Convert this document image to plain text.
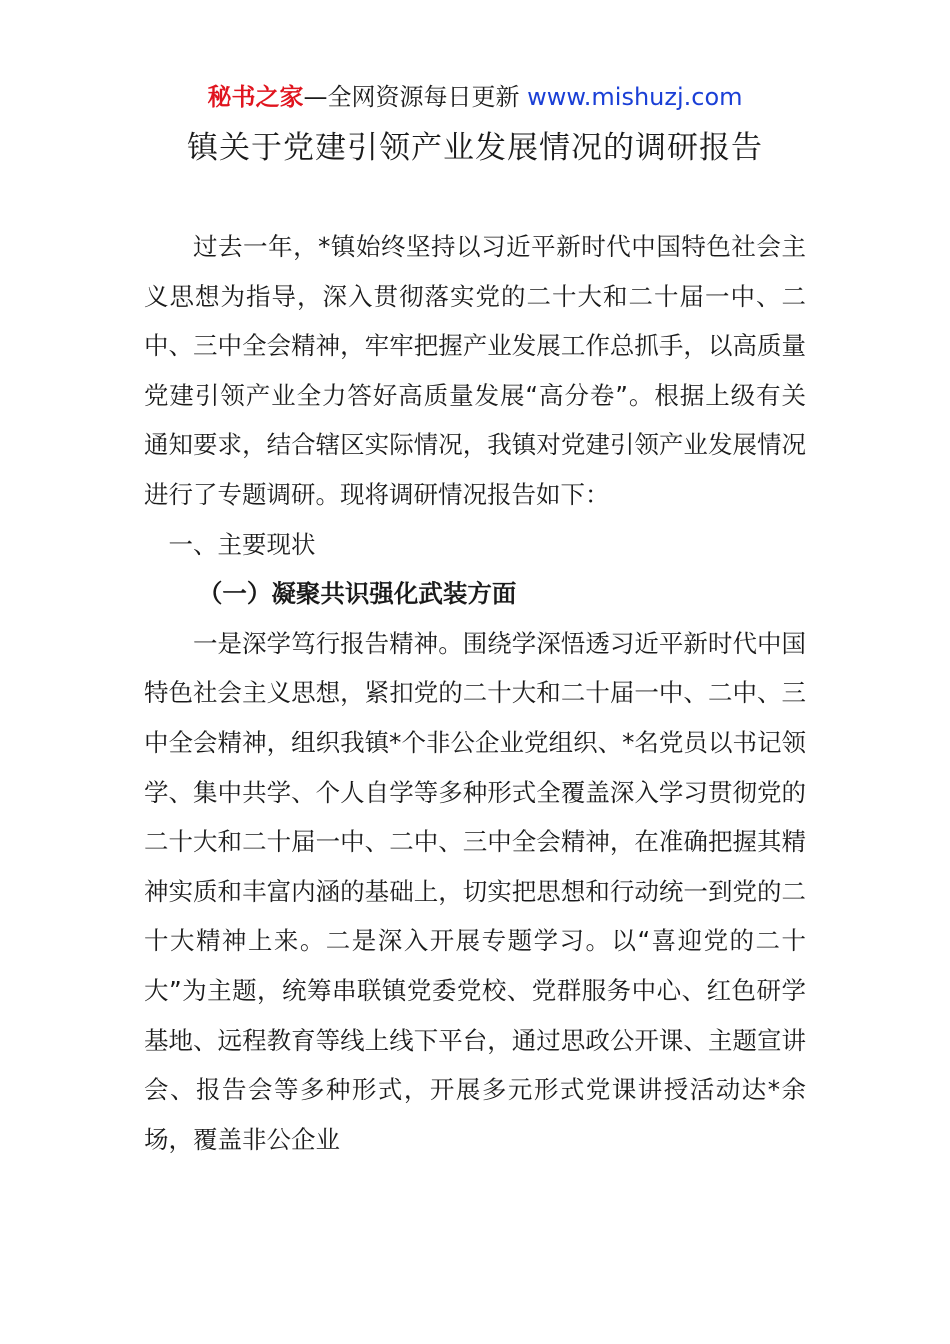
秘书之家—全网资源每日更新 www.mishuzj.com
镇关于党建引领产业发展情况的调研报告

过去一年，*镇始终坚持以习近平新时代中国特色社会主义思想为指导，深入贯彻落实党的二十大和二十届一中、二中、三中全会精神，牢牢把握产业发展工作总抓手，以高质量党建引领产业全力答好高质量发展“高分卷”。根据上级有关通知要求，结合辖区实际情况，我镇对党建引领产业发展情况进行了专题调研。现将调研情况报告如下：

一、主要现状

（一）凝聚共识强化武装方面

一是深学笃行报告精神。围绕学深悟透习近平新时代中国特色社会主义思想，紧扣党的二十大和二十届一中、二中、三中全会精神，组织我镇*个非公企业党组织、*名党员以书记领学、集中共学、个人自学等多种形式全覆盖深入学习贯彻党的二十大和二十届一中、二中、三中全会精神，在准确把握其精神实质和丰富内涵的基础上，切实把思想和行动统一到党的二十大精神上来。二是深入开展专题学习。以“喜迎党的二十大”为主题，统筹串联镇党委党校、党群服务中心、红色研学基地、远程教育等线上线下平台，通过思政公开课、主题宣讲会、报告会等多种形式，开展多元形式党课讲授活动达*余场，覆盖非公企业
